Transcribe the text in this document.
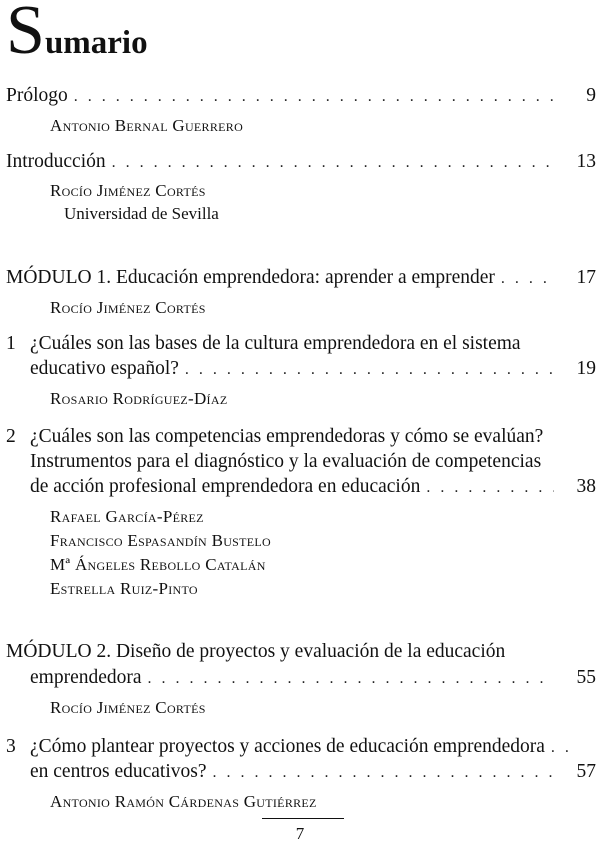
Sumario
Prólogo . . .	9
Antonio Bernal Guerrero
Introducción . . .	13
Rocío Jiménez Cortés
Universidad de Sevilla
MÓDULO 1. Educación emprendedora: aprender a emprender . . .	17
Rocío Jiménez Cortés
1 ¿Cuáles son las bases de la cultura emprendedora en el sistema
educativo español? . . .	19
Rosario Rodríguez-Díaz
2 ¿Cuáles son las competencias emprendedoras y cómo se evalúan?
Instrumentos para el diagnóstico y la evaluación de competencias
de acción profesional emprendedora en educación . . .	38
Rafael García-Pérez
Francisco Espasandín Bustelo
Mª Ángeles Rebollo Catalán
Estrella Ruiz-Pinto
MÓDULO 2. Diseño de proyectos y evaluación de la educación
emprendedora . . .	55
Rocío Jiménez Cortés
3 ¿Cómo plantear proyectos y acciones de educación emprendedora
. . .
en centros educativos? . . .	57
Antonio Ramón Cárdenas Gutiérrez
7
